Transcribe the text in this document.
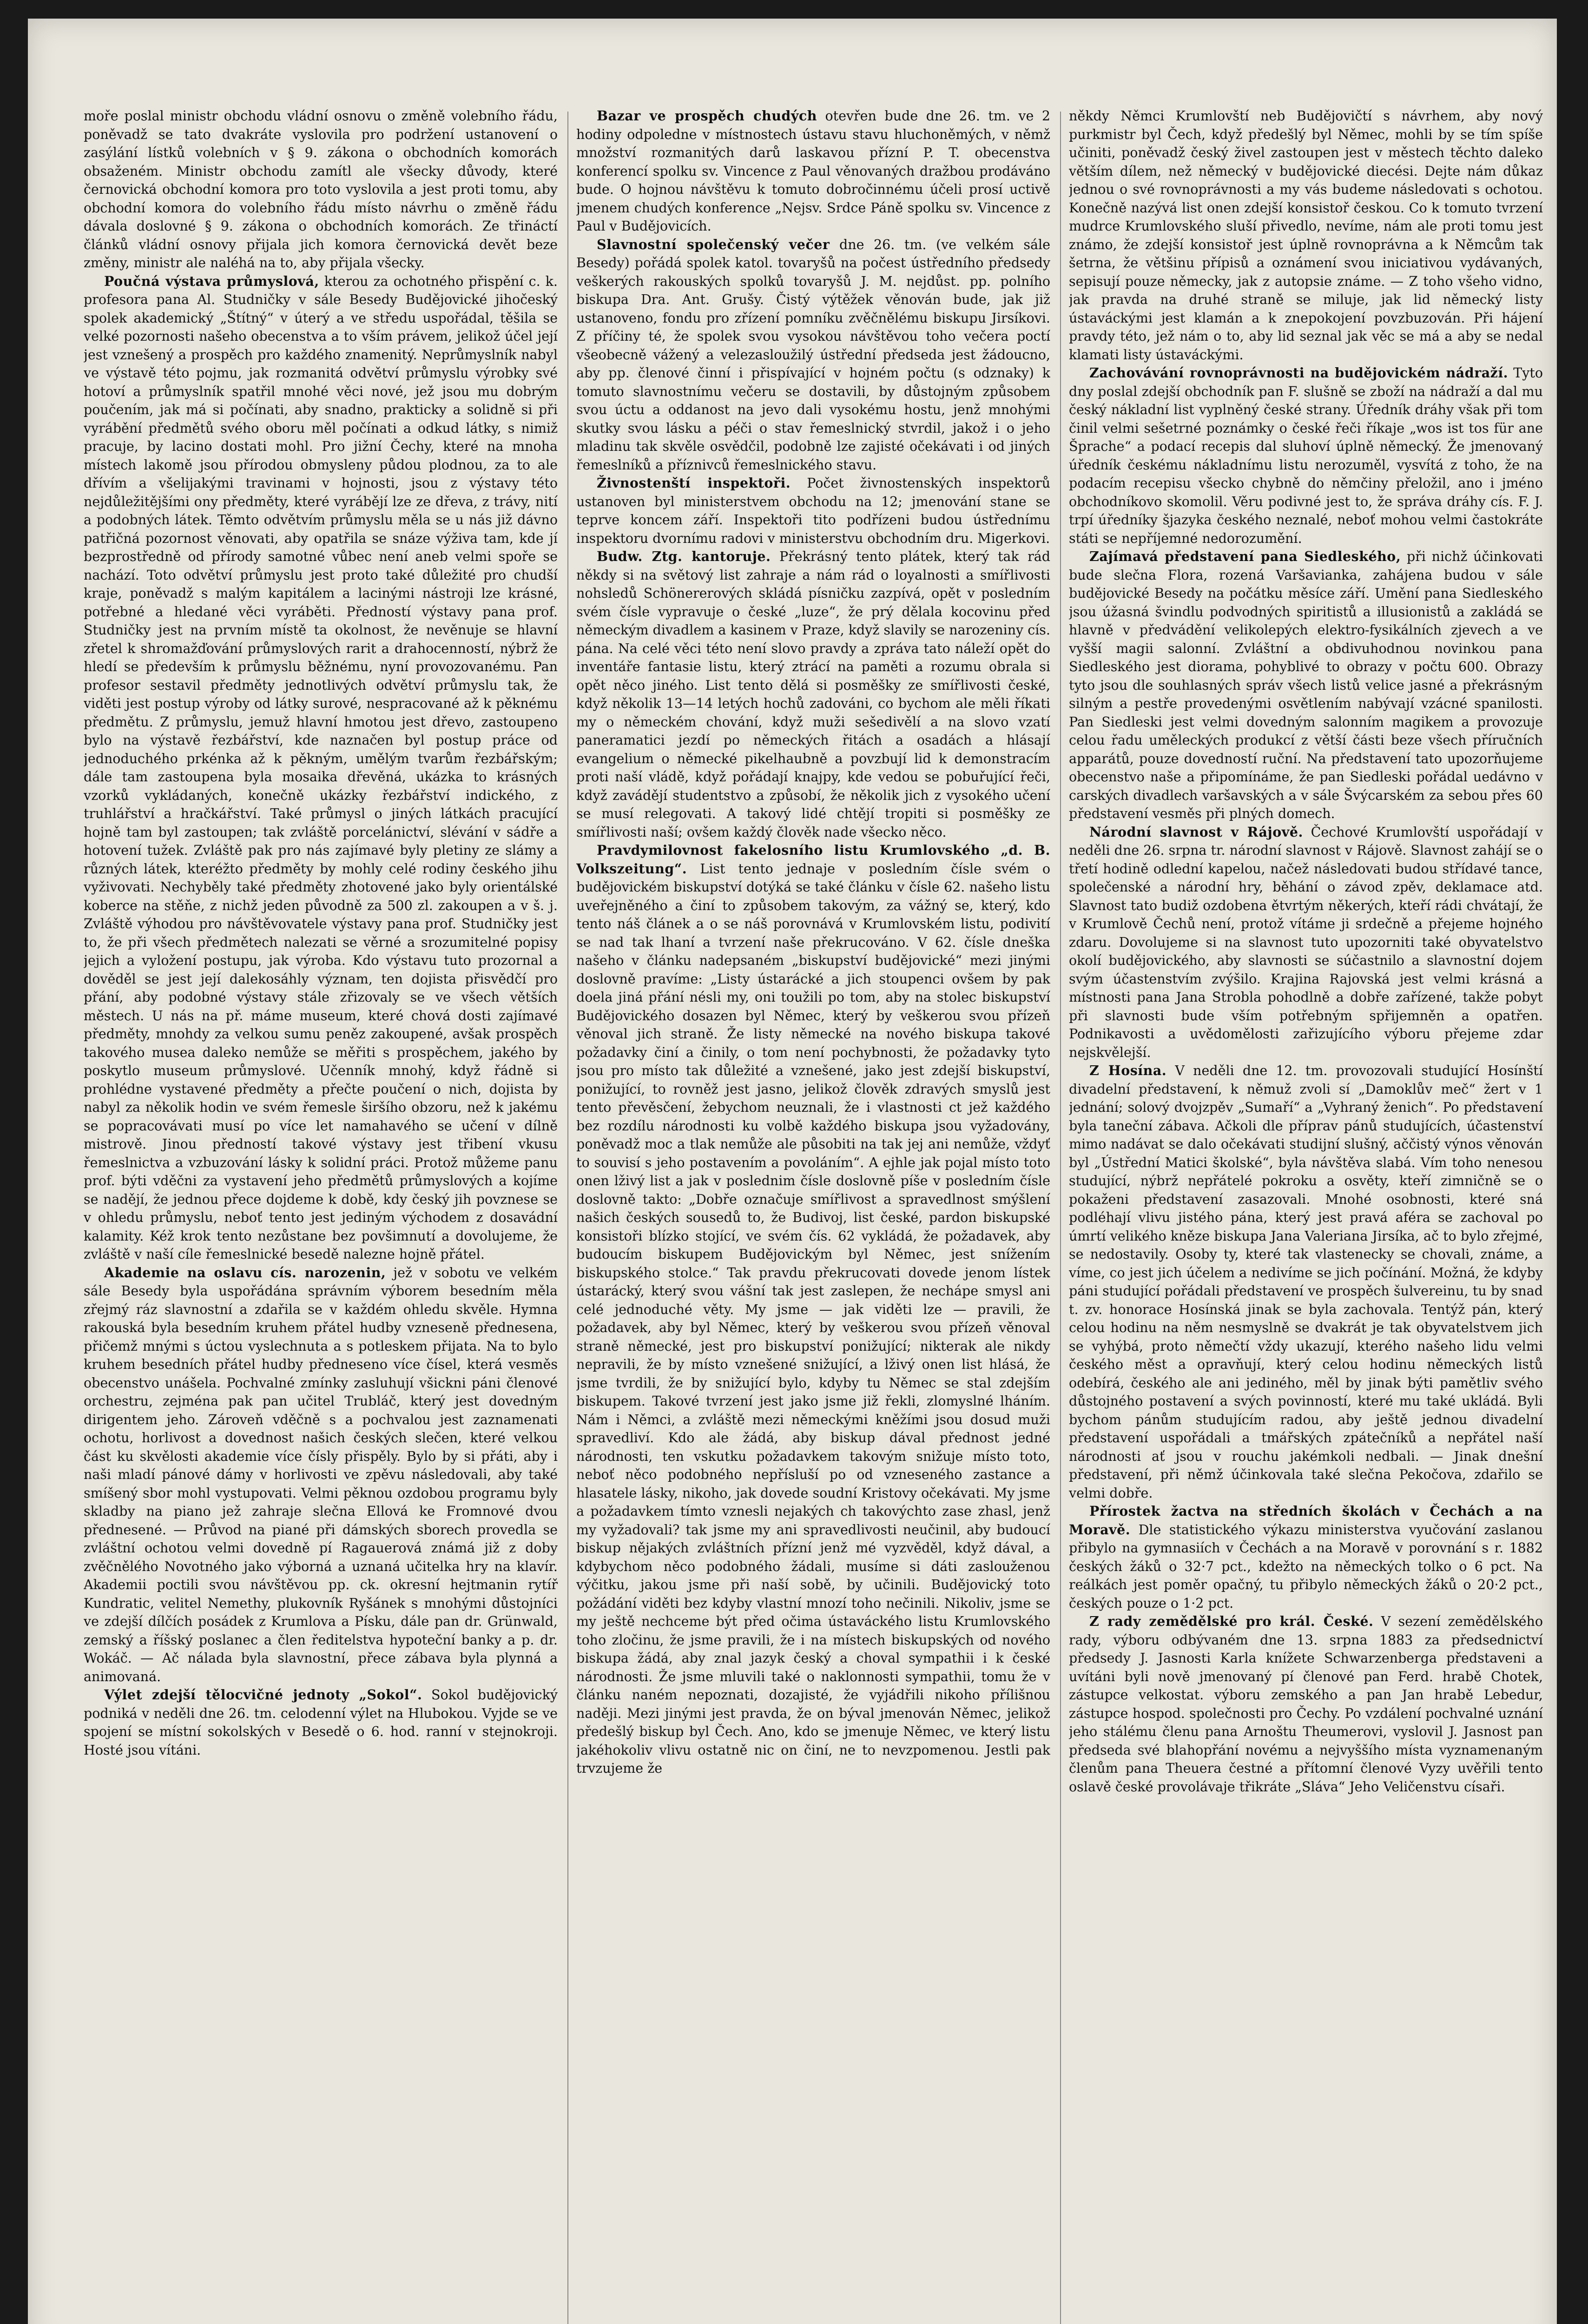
moře poslal ministr obchodu vládní osnovu o změně volebního řádu, poněvadž se tato dvakráte vyslovila pro podržení ustanovení o zasýlání lístků volebních v § 9. zákona o obchodních komorách obsaženém. Ministr obchodu zamítl ale všecky důvody, které černovická obchodní komora pro toto vyslovila a jest proti tomu, aby obchodní komora do volebního řádu místo návrhu o změně řádu dávala doslovné § 9. zákona o obchodních komorách. Ze třináctí článků vládní osnovy přijala jich komora černovická devět beze změny, ministr ale naléhá na to, aby přijala všecky.

Poučná výstava průmyslová, kterou za ochotného přispění c. k. profesora pana Al. Studničky v sále Besedy Budějovické jihočeský spolek akademický „Štítný“ v úterý a ve středu uspořádal, těšila se velké pozornosti našeho obecenstva a to vším právem, jelikož účel její jest vznešený a prospěch pro každého znamenitý. Neprůmyslník nabyl ve výstavě této pojmu, jak rozmanitá odvětví průmyslu výrobky své hotoví a průmyslník spatřil mnohé věci nové, jež jsou mu dobrým poučením, jak má si počínati, aby snadno, prakticky a solidně si při vyrábění předmětů svého oboru měl počínati a odkud látky, s nimiž pracuje, by lacino dostati mohl. Pro jižní Čechy, které na mnoha místech lakomě jsou přírodou obmysleny půdou plodnou, za to ale dřívím a všelijakými travinami v hojnosti, jsou z výstavy této nejdůležitějšími ony předměty, které vyrábějí lze ze dřeva, z trávy, nití a podobných látek. Těmto odvětvím průmyslu měla se u nás již dávno patřičná pozornost věnovati, aby opatřila se snáze výživa tam, kde jí bezprostředně od přírody samotné vůbec není aneb velmi spoře se nachází. Toto odvětví průmyslu jest proto také důležité pro chudší kraje, poněvadž s malým kapitálem a lacinými nástroji lze krásné, potřebné a hledané věci vyráběti. Předností výstavy pana prof. Studničky jest na prvním místě ta okolnost, že nevěnuje se hlavní zřetel k shromažďování průmyslových rarit a drahocenností, nýbrž že hledí se především k průmyslu běžnému, nyní provozovanému. Pan profesor sestavil předměty jednotlivých odvětví průmyslu tak, že viděti jest postup výroby od látky surové, nespracované až k pěknému předmětu. Z průmyslu, jemuž hlavní hmotou jest dřevo, zastoupeno bylo na výstavě řezbářství, kde naznačen byl postup práce od jednoduchého prkénka až k pěkným, umělým tvarům řezbářským; dále tam zastoupena byla mosaika dřevěná, ukázka to krásných vzorků vykládaných, konečně ukázky řezbářství indického, z truhlářství a hračkářství. Také průmysl o jiných látkách pracující hojně tam byl zastoupen; tak zvláště porcelánictví, slévání v sádře a hotovení tužek. Zvláště pak pro nás zajímavé byly pletiny ze slámy a různých látek, kteréžto předměty by mohly celé rodiny českého jihu vyživovati. Nechyběly také předměty zhotovené jako byly orientálské koberce na stěňe, z nichž jeden původně za 500 zl. zakoupen a v š. j. Zvláště výhodou pro návštěvovatele výstavy pana prof. Studničky jest to, že při všech předmětech nalezati se věrné a srozumitelné popisy jejich a vyložení postupu, jak výroba. Kdo výstavu tuto prozornal a dověděl se jest její dalekosáhly význam, ten dojista přisvědčí pro přání, aby podobné výstavy stále zřizovaly se ve všech větších městech. U nás na př. máme museum, které chová dosti zajímavé předměty, mnohdy za velkou sumu peněz zakoupené, avšak prospěch takového musea daleko nemůže se měřiti s prospěchem, jakého by poskytlo museum průmyslové. Učenník mnohý, když řádně si prohlédne vystavené předměty a přečte poučení o nich, dojista by nabyl za několik hodin ve svém řemesle širšího obzoru, než k jakému se popracovávati musí po více let namahavého se učení v dílně mistrově. Jinou předností takové výstavy jest třibení vkusu řemeslnictva a vzbuzování lásky k solidní práci. Protož můžeme panu prof. býti vděčni za vystavení jeho předmětů průmyslových a kojíme se nadějí, že jednou přece dojdeme k době, kdy český jih povznese se v ohledu průmyslu, neboť tento jest jediným východem z dosavádní kalamity. Kéž krok tento nezůstane bez povšimnutí a dovolujeme, že zvláště v naší cíle řemeslnické besedě nalezne hojně přátel.

Akademie na oslavu cís. narozenin, jež v sobotu ve velkém sále Besedy byla uspořádána správním výborem besedním měla zřejmý ráz slavnostní a zdařila se v každém ohledu skvěle. Hymna rakouská byla besedním kruhem přátel hudby vzneseně přednesena, přičemž mnými s úctou vyslechnuta a s potleskem přijata. Na to bylo kruhem besedních přátel hudby předneseno více čísel, která vesměs obecenstvo unášela. Pochvalné zmínky zasluhují všickni páni členové orchestru, zejména pak pan učitel Trubláč, který jest dovedným dirigentem jeho. Zároveň vděčně s a pochvalou jest zaznamenati ochotu, horlivost a dovednost našich českých slečen, které velkou část ku skvělosti akademie více čísly přispěly. Bylo by si přáti, aby i naši mladí pánové dámy v horlivosti ve zpěvu následovali, aby také smíšený sbor mohl vystupovati. Velmi pěknou ozdobou programu byly skladby na piano jež zahraje slečna Ellová ke Fromnové dvou přednesené. — Průvod na piané při dámských sborech provedla se zvláštní ochotou velmi dovedně pí Ragauerová známá již z doby zvěčnělého Novotného jako výborná a uznaná učitelka hry na klavír. Akademii poctili svou návštěvou pp. ck. okresní hejtmanin rytíř Kundratic, velitel Nemethy, plukovník Ryšánek s mnohými důstojníci ve zdejší dílčích posádek z Krumlova a Písku, dále pan dr. Grünwald, zemský a říšský poslanec a člen ředitelstva hypoteční banky a p. dr. Wokáč. — Ač nálada byla slavnostní, přece zábava byla plynná a animovaná.

Výlet zdejší tělocvičné jednoty „Sokol“. Sokol budějovický podniká v neděli dne 26. tm. celodenní výlet na Hlubokou. Vyjde se ve spojení se místní sokolských v Besedě o 6. hod. ranní v stejnokroji. Hosté jsou vítáni.

Bazar ve prospěch chudých otevřen bude dne 26. tm. ve 2 hodiny odpoledne v místnostech ústavu stavu hluchoněmých, v němž množství rozmanitých darů laskavou přízní P. T. obecenstva konferencí spolku sv. Vincence z Paul věnovaných dražbou prodáváno bude. O hojnou návštěvu k tomuto dobročinnému účeli prosí uctivě jmenem chudých konference „Nejsv. Srdce Páně spolku sv. Vincence z Paul v Budějovicích.

Slavnostní společenský večer dne 26. tm. (ve velkém sále Besedy) pořádá spolek katol. tovaryšů na počest ústředního předsedy veškerých rakouských spolků tovaryšů J. M. nejdůst. pp. polního biskupa Dra. Ant. Grušy. Čistý výtěžek věnován bude, jak již ustanoveno, fondu pro zřízení pomníku zvěčnělému biskupu Jirsíkovi. Z příčiny té, že spolek svou vysokou návštěvou toho večera poctí všeobecně vážený a velezasloužilý ústřední předseda jest žádoucno, aby pp. členové činní i přispívající v hojném počtu (s odznaky) k tomuto slavnostnímu večeru se dostavili, by důstojným způsobem svou úctu a oddanost na jevo dali vysokému hostu, jenž mnohými skutky svou lásku a péči o stav řemeslnický stvrdil, jakož i o jeho mladinu tak skvěle osvědčil, podobně lze zajisté očekávati i od jiných řemeslníků a příznivců řemeslnického stavu.

Živnostenští inspektoři. Počet živnostenských inspektorů ustanoven byl ministerstvem obchodu na 12; jmenování stane se teprve koncem září. Inspektoři tito podřízeni budou ústřednímu inspektoru dvornímu radovi v ministerstvu obchodním dru. Migerkovi.

Budw. Ztg. kantoruje. Překrásný tento plátek, který tak rád někdy si na světový list zahraje a nám rád o loyalnosti a smířlivosti nohsledů Schönererových skládá písničku zazpívá, opět v posledním svém čísle vypravuje o české „luze“, že prý dělala kocovinu před německým divadlem a kasinem v Praze, když slavily se narozeniny cís. pána. Na celé věci této není slovo pravdy a zpráva tato náleží opět do inventáře fantasie listu, který ztrácí na paměti a rozumu obrala si opět něco jiného. List tento dělá si posměšky ze smířlivosti české, když několik 13—14 letých hochů zadováni, co bychom ale měli říkati my o německém chování, když muži sešedivělí a na slovo vzatí paneramatici jezdí po německých řitách a osadách a hlásají evangelium o německé pikelhaubně a povzbují lid k demonstracím proti naší vládě, když pořádají knajpy, kde vedou se pobuřující řeči, když zavádějí studentstvo a způsobí, že několik jich z vysokého učení se musí relegovati. A takový lidé chtějí tropiti si posměšky ze smířlivosti naší; ovšem každý člověk nade všecko něco.

Pravdymilovnost fakelosního listu Krumlovského „d. B. Volkszeitung“. List tento jednaje v posledním čísle svém o budějovickém biskupství dotýká se také článku v čísle 62. našeho listu uveřejněného a činí to způsobem takovým, za vážný se, který, kdo tento náš článek a o se náš porovnává v Krumlovském listu, podivití se nad tak lhaní a tvrzení naše překrucováno. V 62. čísle dneška našeho v článku nadepsaném „biskupství budějovické“ mezi jinými doslovně pravíme: „Listy ústarácké a jich stoupenci ovšem by pak doela jiná přání nésli my, oni toužili po tom, aby na stolec biskupství Budějovického dosazen byl Němec, který by veškerou svou přízeň věnoval jich straně. Že listy německé na nového biskupa takové požadavky činí a činily, o tom není pochybnosti, že požadavky tyto jsou pro místo tak důležité a vznešené, jako jest zdejší biskupství, ponižující, to rovněž jest jasno, jelikož člověk zdravých smyslů jest tento převěsčení, žebychom neuznali, že i vlastnosti ct jež každého bez rozdílu národnosti ku volbě každého biskupa jsou vyžadovány, poněvadž moc a tlak nemůže ale působiti na tak jej ani nemůže, vždyť to souvisí s jeho postavením a povoláním“. A ejhle jak pojal místo toto onen lživý list a jak v poslednim čísle doslovně píše v posledním čísle doslovně takto: „Dobře označuje smířlivost a spravedlnost smýšlení našich českých sousedů to, že Budivoj, list české, pardon biskupské konsistoři blízko stojící, ve svém čís. 62 vykládá, že požadavek, aby budoucím biskupem Budějovickým byl Němec, jest snížením biskupského stolce.“ Tak pravdu překrucovati dovede jenom lístek ústarácký, který svou vášní tak jest zaslepen, že nechápe smysl ani celé jednoduché věty. My jsme — jak viděti lze — pravili, že požadavek, aby byl Němec, který by veškerou svou přízeň věnoval straně německé, jest pro biskupství ponižující; nikterak ale nikdy nepravili, že by místo vznešené snižující, a lživý onen list hlásá, že jsme tvrdili, že by snižující bylo, kdyby tu Němec se stal zdejším biskupem. Takové tvrzení jest jako jsme již řekli, zlomyslné lháním. Nám i Němci, a zvláště mezi německými kněžími jsou dosud muži spravedliví. Kdo ale žádá, aby biskup dával přednost jedné národnosti, ten vskutku požadavkem takovým snižuje místo toto, neboť něco podobného nepřísluší po od vzneseného zastance a hlasatele lásky, nikoho, jak dovede soudní Kristovy očekávati. My jsme a požadavkem tímto vznesli nejakých ch takovýchto zase zhasl, jenž my vyžadovali? tak jsme my ani spravedlivosti neučinil, aby budoucí biskup nějakých zvláštních přízní jenž mé vyzvěděl, když dával, a kdybychom něco podobného žádali, musíme si dáti zaslouženou výčitku, jakou jsme při naší sobě, by učinili. Budějovický toto požádání viděti bez kdyby vlastní mnozí toho nečinili. Nikoliv, jsme se my ještě nechceme být před očima ústaváckého listu Krumlovského toho zločinu, že jsme pravili, že i na místech biskupských od nového biskupa žádá, aby znal jazyk český a choval sympathii i k české národnosti. Že jsme mluvili také o naklonnosti sympathii, tomu že v článku naném nepoznati, dozajisté, že vyjádřili nikoho přílišnou naději. Mezi jinými jest pravda, že on býval jmenován Němec, jelikož předešlý biskup byl Čech. Ano, kdo se jmenuje Němec, ve který listu jakéhokoliv vlivu ostatně nic on činí, ne to nevzpomenou. Jestli pak trvzujeme že

někdy Němci Krumlovští neb Budějovičtí s návrhem, aby nový purkmistr byl Čech, když předešlý byl Němec, mohli by se tím spíše učiniti, poněvadž český živel zastoupen jest v městech těchto daleko větším dílem, než německý v budějovické diecési. Dejte nám důkaz jednou o své rovnoprávnosti a my vás budeme následovati s ochotou. Konečně nazývá list onen zdejší konsistoř českou. Co k tomuto tvrzení mudrce Krumlovského sluší přivedlo, nevíme, nám ale proti tomu jest známo, že zdejší konsistoř jest úplně rovnoprávna a k Němcům tak šetrna, že většinu přípisů a oznámení svou iniciativou vydávaných, sepisují pouze německy, jak z autopsie známe. — Z toho všeho vidno, jak pravda na druhé straně se miluje, jak lid německý listy ústaváckými jest klamán a k znepokojení povzbuzován. Při hájení pravdy této, jež nám o to, aby lid seznal jak věc se má a aby se nedal klamati listy ústaváckými.

Zachovávání rovnoprávnosti na budějovickém nádraží. Tyto dny poslal zdejší obchodník pan F. slušně se zboží na nádraží a dal mu český nákladní list vyplněný české strany. Úředník dráhy však při tom činil velmi sešetrné poznámky o české řeči říkaje „wos ist tos für ane Šprache“ a podací recepis dal sluhoví úplně německý. Že jmenovaný úředník českému nákladnímu listu nerozuměl, vysvítá z toho, že na podacím recepisu všecko chybně do němčiny přeložil, ano i jméno obchodníkovo skomolil. Věru podivné jest to, že správa dráhy cís. F. J. trpí úředníky šjazyka českého neznalé, neboť mohou velmi častokráte státi se nepříjemné nedorozumění.

Zajímavá představení pana Siedleského, při nichž účinkovati bude slečna Flora, rozená Varšavianka, zahájena budou v sále budějovické Besedy na počátku měsíce září. Umění pana Siedleského jsou úžasná švindlu podvodných spiritistů a illusionistů a zakládá se hlavně v předvádění velikolepých elektro-fysikálních zjevech a ve vyšší magii salonní. Zvláštní a obdivuhodnou novinkou pana Siedleského jest diorama, pohyblivé to obrazy v počtu 600. Obrazy tyto jsou dle souhlasných správ všech listů velice jasné a překrásným silným a pestře provedenými osvětlením nabývají vzácné spanilosti. Pan Siedleski jest velmi dovedným salonním magikem a provozuje celou řadu uměleckých produkcí z větší části beze všech příručních apparátů, pouze dovedností ruční. Na představení tato upozorňujeme obecenstvo naše a připomínáme, že pan Siedleski pořádal uedávno v carských divadlech varšavských a v sále Švýcarském za sebou přes 60 představení vesměs při plných domech.

Národní slavnost v Rájově. Čechové Krumlovští uspořádají v neděli dne 26. srpna tr. národní slavnost v Rájově. Slavnost zahájí se o třetí hodině odlední kapelou, načež následovati budou střídavé tance, společenské a národní hry, běhání o závod zpěv, deklamace atd. Slavnost tato budiž ozdobena ětvrtým někerých, kteří rádi chvátají, že v Krumlově Čechů není, protož vítáme ji srdečně a přejeme hojného zdaru. Dovolujeme si na slavnost tuto upozorniti také obyvatelstvo okolí budějovického, aby slavnosti se súčastnilo a slavnostní dojem svým účastenstvím zvýšilo. Krajina Rajovská jest velmi krásná a místnosti pana Jana Strobla pohodlně a dobře zařízené, takže pobyt při slavnosti bude vším potřebným spřijemněn a opatřen. Podnikavosti a uvědomělosti zařizujícího výboru přejeme zdar nejskvělejší.

Z Hosína. V neděli dne 12. tm. provozovali studující Hosínští divadelní představení, k němuž zvoli sí „Damoklův meč“ žert v 1 jednání; solový dvojzpěv „Sumaří“ a „Vyhraný ženich“. Po představení byla taneční zábava. Ačkoli dle příprav pánů studujících, účastenství mimo nadávat se dalo očekávati studijní slušný, aččistý výnos věnován byl „Ústřední Matici školské“, byla návštěva slabá. Vím toho nenesou studující, nýbrž nepřátelé pokroku a osvěty, kteří zimničně se o pokaženi představení zasazovali. Mnohé osobnosti, které sná podléhají vlivu jistého pána, který jest pravá aféra se zachoval po úmrtí velikého kněze biskupa Jana Valeriana Jirsíka, ač to bylo zřejmé, se nedostavily. Osoby ty, které tak vlastenecky se chovali, známe, a víme, co jest jich účelem a nedivíme se jich počínání. Možná, že kdyby páni studující pořádali představení ve prospěch šulvereinu, tu by snad t. zv. honorace Hosínská jinak se byla zachovala. Tentýž pán, který celou hodinu na něm nesmyslně se dvakrát je tak obyvatelstvem jich se vyhýbá, proto němečtí vždy ukazují, kterého našeho lidu velmi českého měst a opravňují, který celou hodinu německých listů odebírá, českého ale ani jediného, měl by jinak býti pamětliv svého důstojného postavení a svých povinností, které mu také ukládá. Byli bychom pánům studujícím radou, aby ještě jednou divadelní představení uspořádali a tmářských zpátečníků a nepřátel naší národnosti ať jsou v rouchu jakémkoli nedbali. — Jinak dnešní představení, při němž účinkovala také slečna Pekočova, zdařilo se velmi dobře.

Přírostek žactva na středních školách v Čechách a na Moravě. Dle statistického výkazu ministerstva vyučování zaslanou přibylo na gymnasiích v Čechách a na Moravě v porovnání s r. 1882 českých žáků o 32·7 pct., kdežto na německých tolko o 6 pct. Na reálkách jest poměr opačný, tu přibylo německých žáků o 20·2 pct., českých pouze o 1·2 pct.

Z rady zemědělské pro král. České. V sezení zemědělského rady, výboru odbývaném dne 13. srpna 1883 za předsednictví předsedy J. Jasnosti Karla knížete Schwarzenberga představeni a uvítáni byli nově jmenovaný pí členové pan Ferd. hrabě Chotek, zástupce velkostat. výboru zemského a pan Jan hrabě Lebedur, zástupce hospod. společnosti pro Čechy. Po vzdálení pochvalné uznání jeho stálému členu pana Arnoštu Theumerovi, vyslovil J. Jasnost pan předseda své blahopřání novému a nejvyššího místa vyznamenaným členům pana Theuera čestné a přítomní členové Vyzy uvěřili tento oslavě české provolávaje třikráte „Sláva“ Jeho Veličenstvu císaři.
